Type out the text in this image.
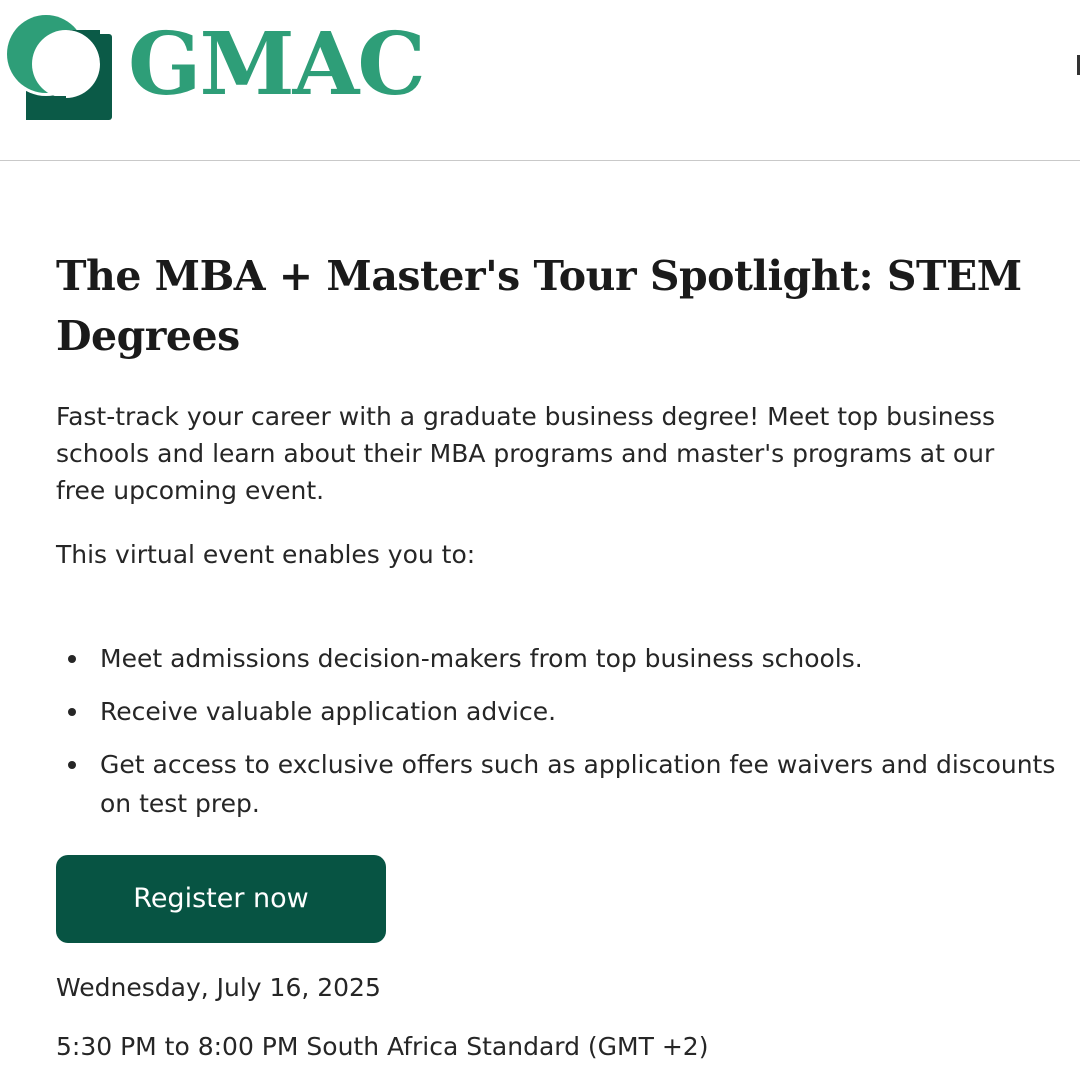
GMAC
The MBA + Master's Tour Spotlight: STEM Degrees

Fast-track your career with a graduate business degree! Meet top business schools and learn about their MBA programs and master's programs at our free upcoming event.

This virtual event enables you to:

Meet admissions decision-makers from top business schools.
Receive valuable application advice.
Get access to exclusive offers such as application fee waivers and discounts on test prep.
Register now

Wednesday, July 16, 2025

5:30 PM to 8:00 PM South Africa Standard (GMT +2)
